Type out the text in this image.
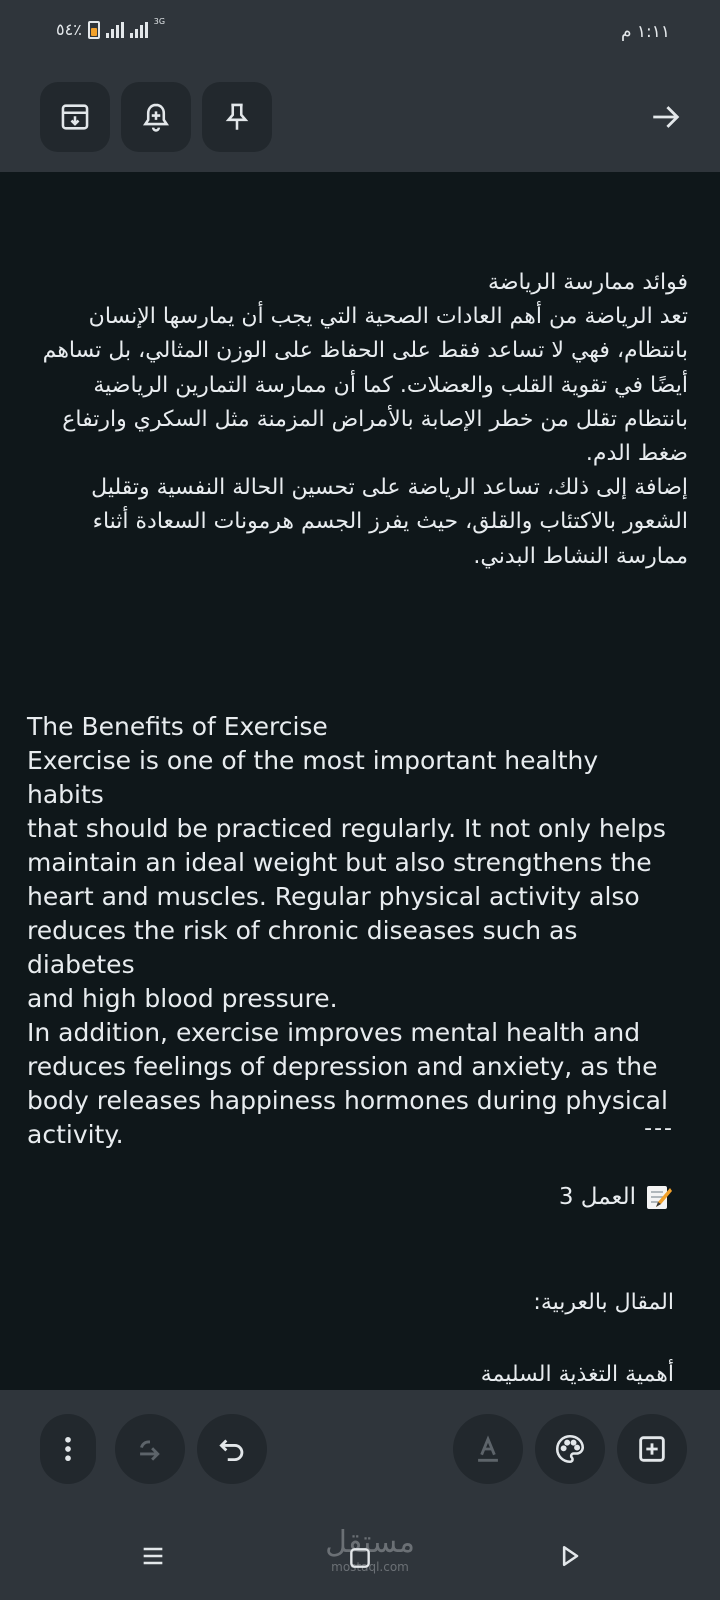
٥٤٪	3G
١:١١ م
فوائد ممارسة الرياضة
تعد الرياضة من أهم العادات الصحية التي يجب أن يمارسها الإنسان
بانتظام، فهي لا تساعد فقط على الحفاظ على الوزن المثالي، بل تساهم
أيضًا في تقوية القلب والعضلات. كما أن ممارسة التمارين الرياضية
بانتظام تقلل من خطر الإصابة بالأمراض المزمنة مثل السكري وارتفاع
ضغط الدم.
إضافة إلى ذلك، تساعد الرياضة على تحسين الحالة النفسية وتقليل
الشعور بالاكتئاب والقلق، حيث يفرز الجسم هرمونات السعادة أثناء
ممارسة النشاط البدني.
The Benefits of Exercise
Exercise is one of the most important healthy habits
that should be practiced regularly. It not only helps
maintain an ideal weight but also strengthens the
heart and muscles. Regular physical activity also
reduces the risk of chronic diseases such as diabetes
and high blood pressure.
In addition, exercise improves mental health and
reduces feelings of depression and anxiety, as the
body releases happiness hormones during physical
activity.	---
العمل 3
المقال بالعربية:
أهمية التغذية السليمة
مستقل
mostaql.com
